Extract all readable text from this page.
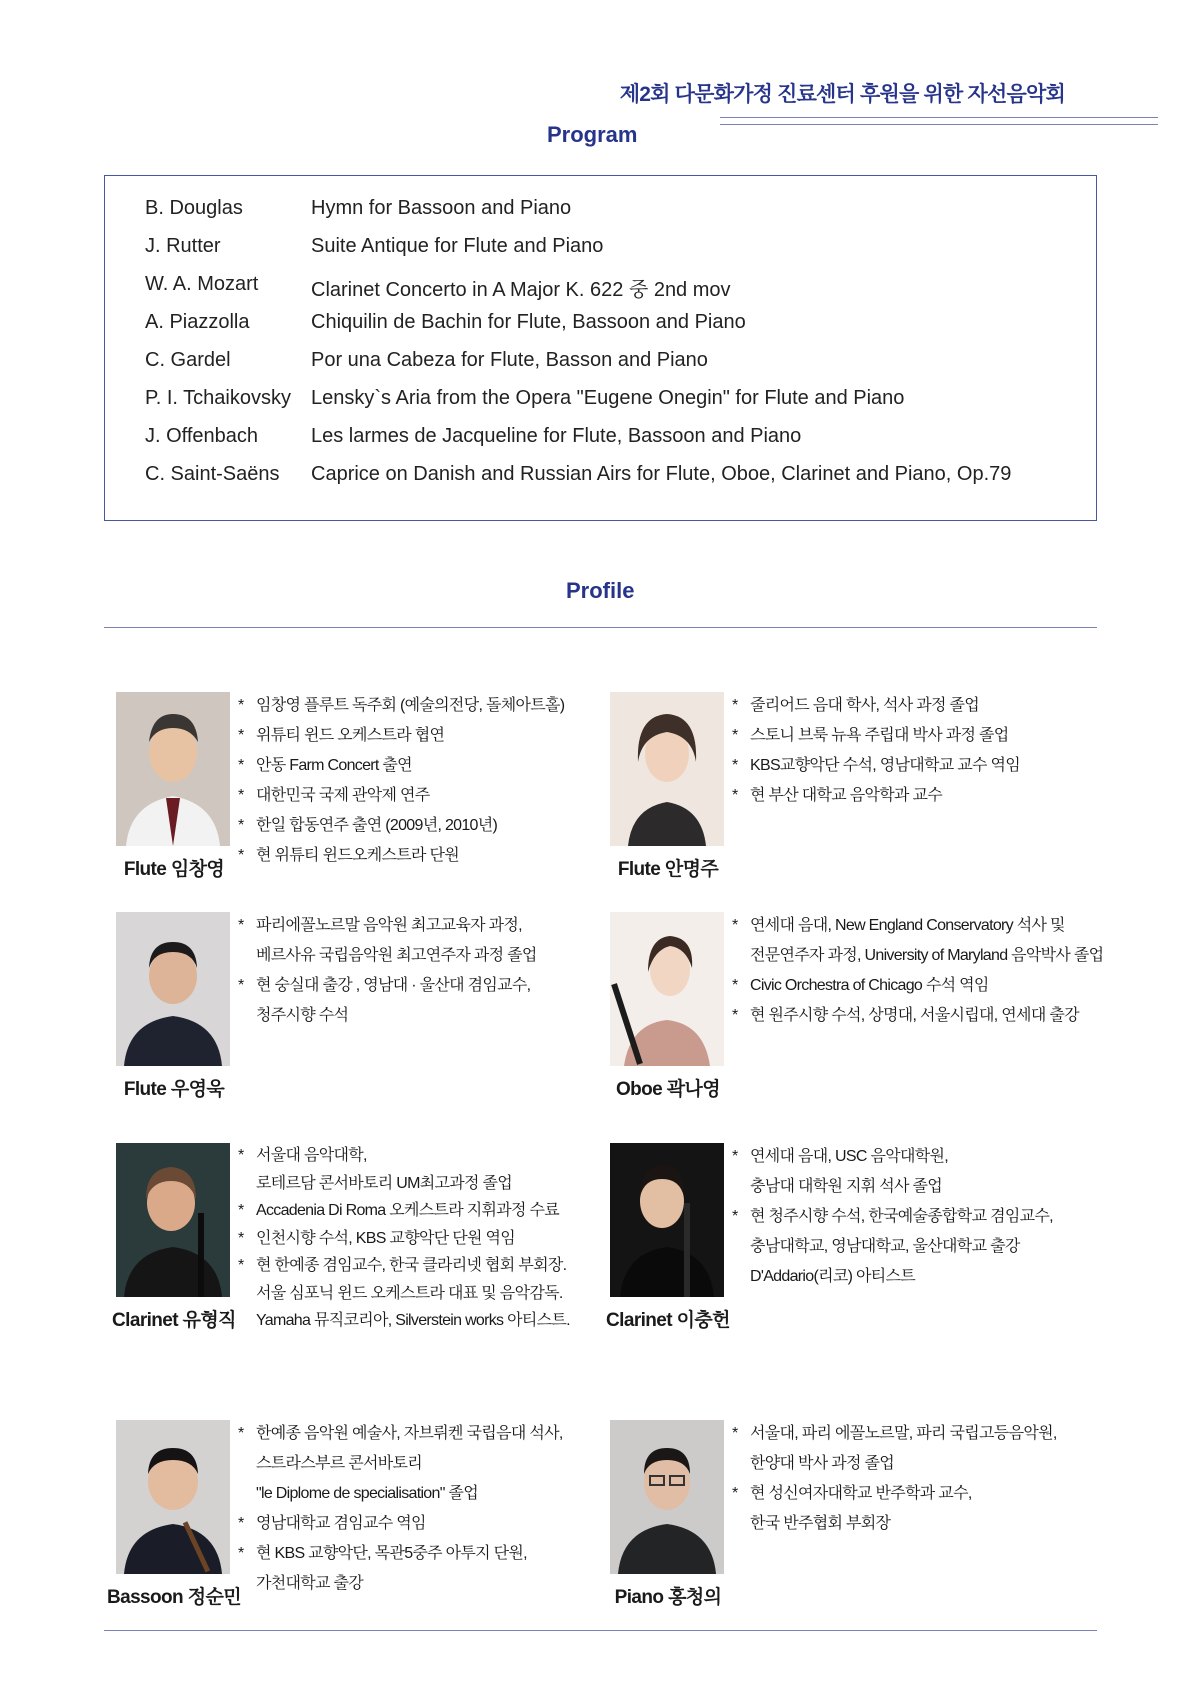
제2회 다문화가정 진료센터 후원을 위한 자선음악회
Program
B. Douglas	Hymn for Bassoon and Piano
J. Rutter	Suite Antique for Flute and Piano
W. A. Mozart	Clarinet Concerto in A Major K. 622 중 2nd mov
A. Piazzolla	Chiquilin de Bachin for Flute, Bassoon and Piano
C. Gardel	Por una Cabeza for Flute, Basson and Piano
P. I. Tchaikovsky Lensky`s Aria from the Opera "Eugene Onegin" for Flute and Piano
J. Offenbach	Les larmes de Jacqueline for Flute, Bassoon and Piano
C. Saint-Saëns Caprice on Danish and Russian Airs for Flute, Oboe, Clarinet and Piano, Op.79
Profile
Flute 임창영
* 임창영 플루트 독주회 (예술의전당, 돌체아트홀)
* 위튜티 윈드 오케스트라 협연
* 안동 Farm Concert 출연
* 대한민국 국제 관악제 연주
* 한일 합동연주 출연 (2009년, 2010년)
* 현 위튜티 윈드오케스트라 단원
Flute 안명주
* 줄리어드 음대 학사, 석사 과정 졸업
* 스토니 브룩 뉴욕 주립대 박사 과정 졸업
* KBS교향악단 수석, 영남대학교 교수 역임
* 현 부산 대학교 음악학과 교수
Flute 우영욱
* 파리에꼴노르말 음악원 최고교육자 과정,
베르사유 국립음악원 최고연주자 과정 졸업
* 현 숭실대 출강 , 영남대 · 울산대 겸임교수,
청주시향 수석
Oboe 곽나영
* 연세대 음대, New England Conservatory 석사 및
전문연주자 과정, University of Maryland 음악박사 졸업
* Civic Orchestra of Chicago 수석 역임
* 현 원주시향 수석, 상명대, 서울시립대, 연세대 출강
Clarinet 유형직
* 서울대 음악대학,
로테르담 콘서바토리 UM최고과정 졸업
* Accadenia Di Roma 오케스트라 지휘과정 수료
* 인천시향 수석, KBS 교향악단 단원 역임
* 현 한예종 겸임교수, 한국 클라리넷 협회 부회장.
서울 심포닉 윈드 오케스트라 대표 및 음악감독.
Yamaha 뮤직코리아, Silverstein works 아티스트.	Clarinet 이충헌
* 연세대 음대, USC 음악대학원,
충남대 대학원 지휘 석사 졸업
* 현 청주시향 수석, 한국예술종합학교 겸임교수,
충남대학교, 영남대학교, 울산대학교 출강
D'Addario(리코) 아티스트
Bassoon 정순민
* 한예종 음악원 예술사, 자브뤼켄 국립음대 석사,
스트라스부르 콘서바토리
"le Diplome de specialisation" 졸업
* 영남대학교 겸임교수 역임
* 현 KBS 교향악단, 목관5중주 아투지 단원,
가천대학교 출강
Piano 홍청의
* 서울대, 파리 에꼴노르말, 파리 국립고등음악원,
한양대 박사 과정 졸업
* 현 성신여자대학교 반주학과 교수,
한국 반주협회 부회장
